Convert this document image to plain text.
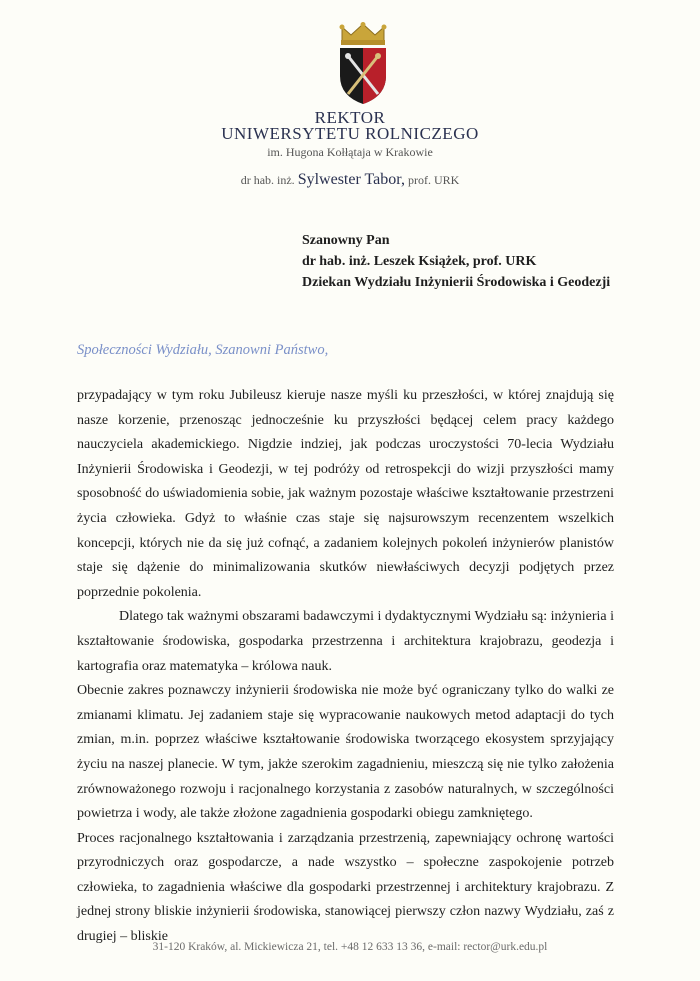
REKTOR
UNIWERSYTETU ROLNICZEGO
im. Hugona Kołłątaja w Krakowie
dr hab. inż. Sylwester Tabor, prof. URK
Szanowny Pan
dr hab. inż. Leszek Książek, prof. URK
Dziekan Wydziału Inżynierii Środowiska i Geodezji
Społeczności Wydziału, Szanowni Państwo,

przypadający w tym roku Jubileusz kieruje nasze myśli ku przeszłości, w której znajdują się nasze korzenie, przenosząc jednocześnie ku przyszłości będącej celem pracy każdego nauczyciela akademickiego. Nigdzie indziej, jak podczas uroczystości 70-lecia Wydziału Inżynierii Środowiska i Geodezji, w tej podróży od retrospekcji do wizji przyszłości mamy sposobność do uświadomienia sobie, jak ważnym pozostaje właściwe kształtowanie przestrzeni życia człowieka. Gdyż to właśnie czas staje się najsurowszym recenzentem wszelkich koncepcji, których nie da się już cofnąć, a zadaniem kolejnych pokoleń inżynierów planistów staje się dążenie do minimalizowania skutków niewłaściwych decyzji podjętych przez poprzednie pokolenia.

Dlatego tak ważnymi obszarami badawczymi i dydaktycznymi Wydziału są: inżynieria i kształtowanie środowiska, gospodarka przestrzenna i architektura krajobrazu, geodezja i kartografia oraz matematyka – królowa nauk.

Obecnie zakres poznawczy inżynierii środowiska nie może być ograniczany tylko do walki ze zmianami klimatu. Jej zadaniem staje się wypracowanie naukowych metod adaptacji do tych zmian, m.in. poprzez właściwe kształtowanie środowiska tworzącego ekosystem sprzyjający życiu na naszej planecie. W tym, jakże szerokim zagadnieniu, mieszczą się nie tylko założenia zrównoważonego rozwoju i racjonalnego korzystania z zasobów naturalnych, w szczególności powietrza i wody, ale także złożone zagadnienia gospodarki obiegu zamkniętego.

Proces racjonalnego kształtowania i zarządzania przestrzenią, zapewniający ochronę wartości przyrodniczych oraz gospodarcze, a nade wszystko – społeczne zaspokojenie potrzeb człowieka, to zagadnienia właściwe dla gospodarki przestrzennej i architektury krajobrazu. Z jednej strony bliskie inżynierii środowiska, stanowiącej pierwszy człon nazwy Wydziału, zaś z drugiej – bliskie

31-120 Kraków, al. Mickiewicza 21, tel. +48 12 633 13 36, e-mail: rector@urk.edu.pl
